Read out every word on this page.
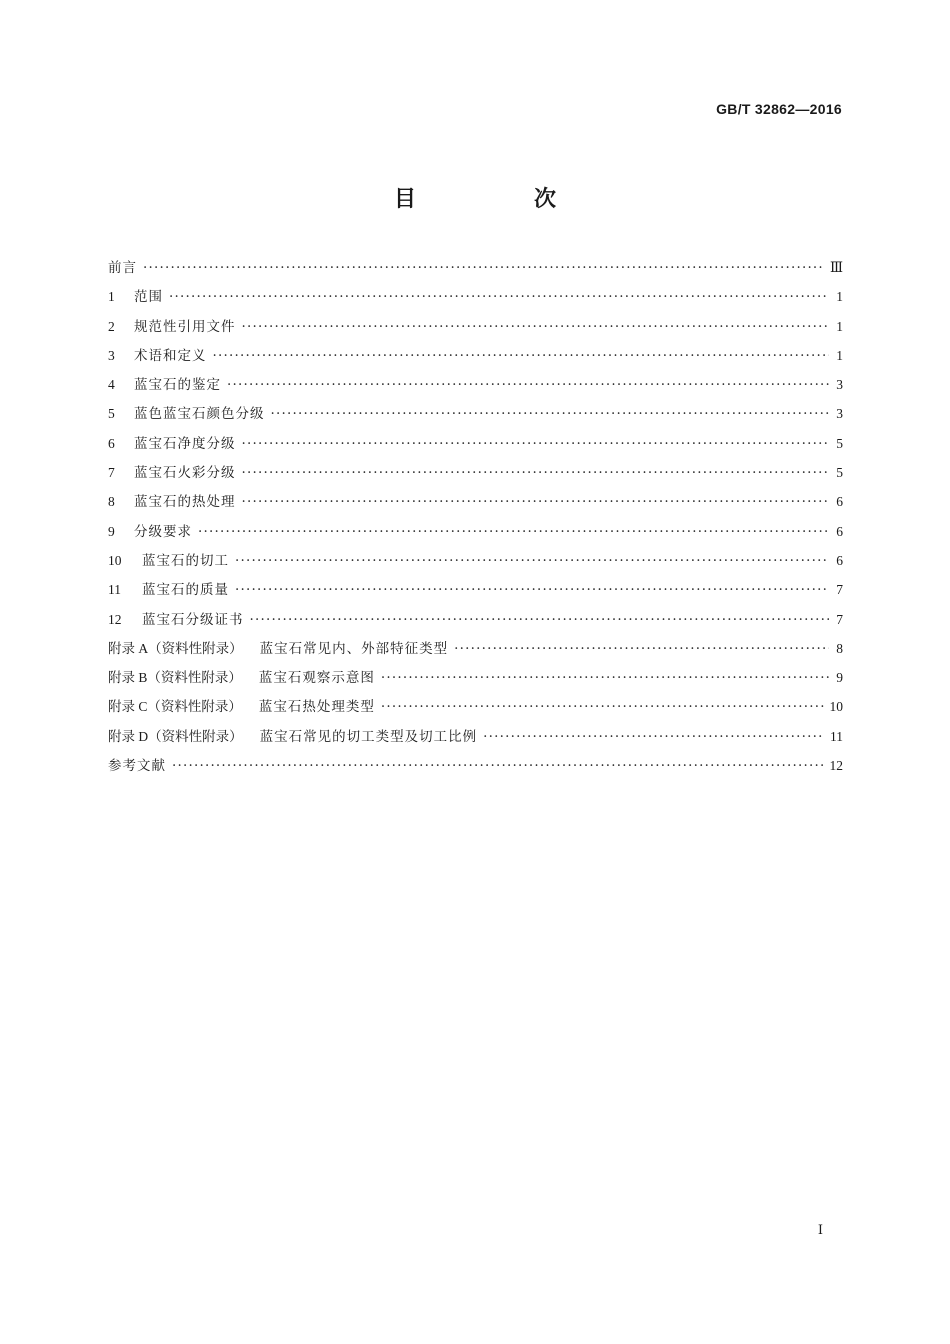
GB/T 32862—2016
目　次
前言 ·····	Ⅲ
1	范围 ·····	1
2	规范性引用文件 ·····	1
3	术语和定义 ·····	1
4	蓝宝石的鉴定 ·····	3
5	蓝色蓝宝石颜色分级 ·····	3
6	蓝宝石净度分级 ·····	5
7	蓝宝石火彩分级 ·····	5
8	蓝宝石的热处理 ·····	6
9	分级要求 ·····	6
10	蓝宝石的切工 ·····	6
11	蓝宝石的质量 ·····	7
12	蓝宝石分级证书 ·····	7
附录 A（资料性附录） 蓝宝石常见内、外部特征类型 ·····	8
附录 B（资料性附录） 蓝宝石观察示意图 ·····	9
附录 C（资料性附录） 蓝宝石热处理类型 ·····	10
附录 D（资料性附录） 蓝宝石常见的切工类型及切工比例 ·····	11
参考文献 ·····	12
Ⅰ
